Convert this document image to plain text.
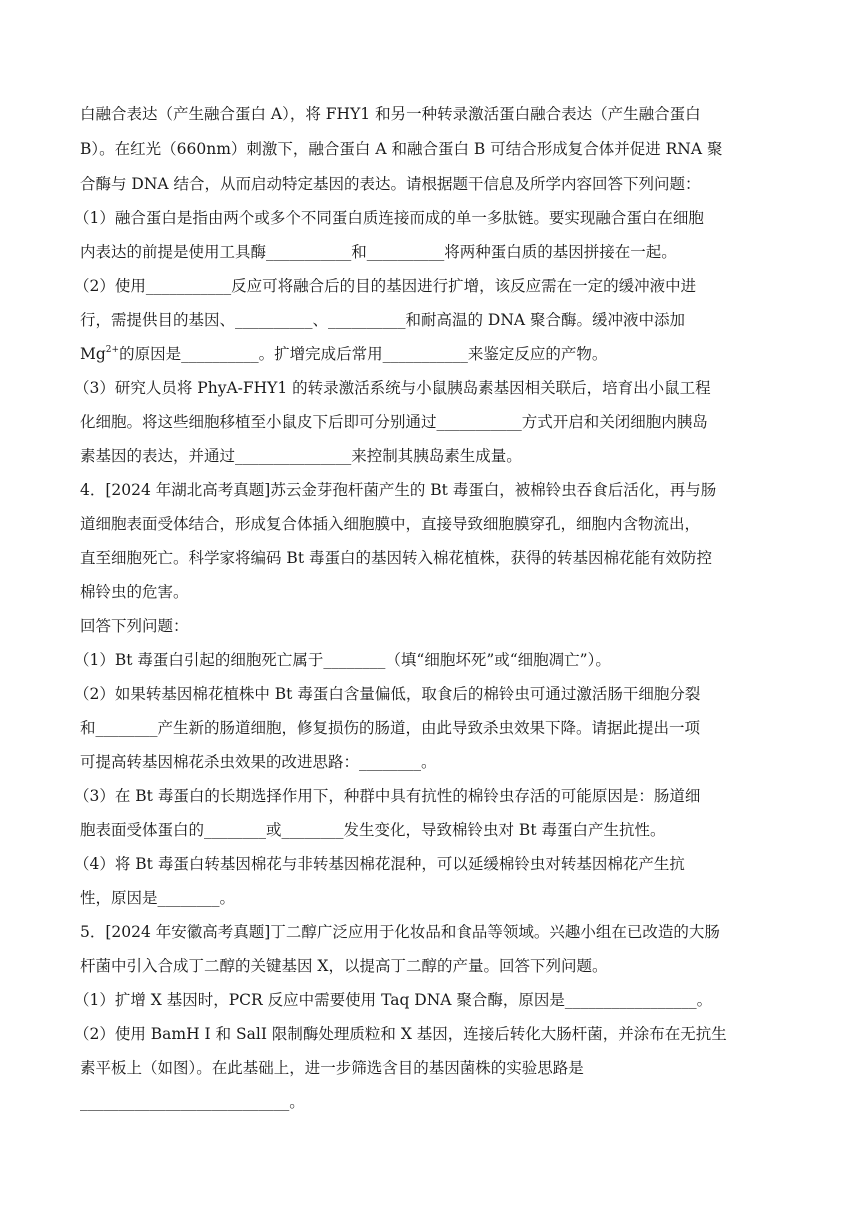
白融合表达（产生融合蛋白 A），将 FHY1 和另一种转录激活蛋白融合表达（产生融合蛋白
B）。在红光（660nm）刺激下，融合蛋白 A 和融合蛋白 B 可结合形成复合体并促进 RNA 聚
合酶与 DNA 结合，从而启动特定基因的表达。请根据题干信息及所学内容回答下列问题：
（1）融合蛋白是指由两个或多个不同蛋白质连接而成的单一多肽链。要实现融合蛋白在细胞
内表达的前提是使用工具酶___________和__________将两种蛋白质的基因拼接在一起。
（2）使用___________反应可将融合后的目的基因进行扩增，该反应需在一定的缓冲液中进
行，需提供目的基因、__________、__________和耐高温的 DNA 聚合酶。缓冲液中添加
$Mg^{2+}$的原因是__________。扩增完成后常用___________来鉴定反应的产物。
（3）研究人员将 PhyA-FHY1 的转录激活系统与小鼠胰岛素基因相关联后，培育出小鼠工程
化细胞。将这些细胞移植至小鼠皮下后即可分别通过___________方式开启和关闭细胞内胰岛
素基因的表达，并通过_______________来控制其胰岛素生成量。
4．[2024 年湖北高考真题]苏云金芽孢杆菌产生的 Bt 毒蛋白，被棉铃虫吞食后活化，再与肠
道细胞表面受体结合，形成复合体插入细胞膜中，直接导致细胞膜穿孔，细胞内含物流出，
直至细胞死亡。科学家将编码 Bt 毒蛋白的基因转入棉花植株，获得的转基因棉花能有效防控
棉铃虫的危害。
回答下列问题：
（1）Bt 毒蛋白引起的细胞死亡属于________（填“细胞坏死”或“细胞凋亡”）。
（2）如果转基因棉花植株中 Bt 毒蛋白含量偏低，取食后的棉铃虫可通过激活肠干细胞分裂
和________产生新的肠道细胞，修复损伤的肠道，由此导致杀虫效果下降。请据此提出一项
可提高转基因棉花杀虫效果的改进思路：________。
（3）在 Bt 毒蛋白的长期选择作用下，种群中具有抗性的棉铃虫存活的可能原因是：肠道细
胞表面受体蛋白的________或________发生变化，导致棉铃虫对 Bt 毒蛋白产生抗性。
（4）将 Bt 毒蛋白转基因棉花与非转基因棉花混种，可以延缓棉铃虫对转基因棉花产生抗
性，原因是________。
5．[2024 年安徽高考真题]丁二醇广泛应用于化妆品和食品等领域。兴趣小组在已改造的大肠
杆菌中引入合成丁二醇的关键基因 X，以提高丁二醇的产量。回答下列问题。
（1）扩增 X 基因时，PCR 反应中需要使用 Taq DNA 聚合酶，原因是_________________。
（2）使用 BamH I 和 SalI 限制酶处理质粒和 X 基因，连接后转化大肠杆菌，并涂布在无抗生
素平板上（如图）。在此基础上，进一步筛选含目的基因菌株的实验思路是
___________________________。
